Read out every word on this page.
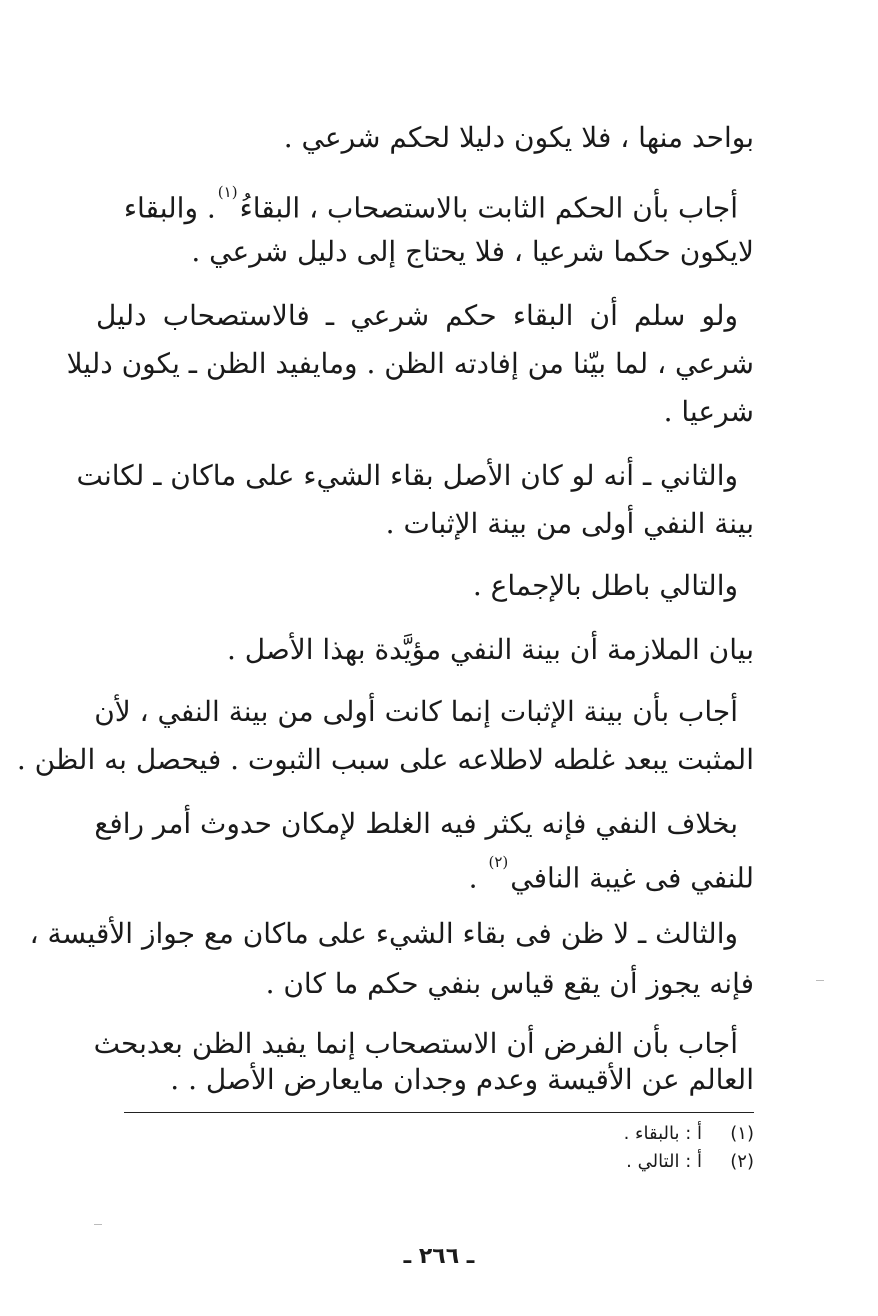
بواحد منها ، فلا يكون دليلا لحكم شرعي .
أجاب بأن الحكم الثابت بالاستصحاب ، البقاءُ$^{(١)}$. والبقاء
لايكون حكما شرعيا ، فلا يحتاج إلى دليل شرعي .
ولو سلم أن البقاء حكم شرعي ـ فالاستصحاب دليل
شرعي ، لما بيّنا من إفادته الظن . ومايفيد الظن ـ يكون دليلا
شرعيا .
والثاني ـ أنه لو كان الأصل بقاء الشيء على ماكان ـ لكانت
بينة النفي أولى من بينة الإثبات .
والتالي باطل بالإجماع .
بيان الملازمة أن بينة النفي مؤيَّدة بهذا الأصل .
أجاب بأن بينة الإثبات إنما كانت أولى من بينة النفي ، لأن
المثبت يبعد غلطه لاطلاعه على سبب الثبوت . فيحصل به الظن .
بخلاف النفي فإنه يكثر فيه الغلط لإمكان حدوث أمر رافع
للنفي فى غيبة النافي$^{(٢)}$ .
والثالث ـ لا ظن فى بقاء الشيء على ماكان مع جواز الأقيسة ،
فإنه يجوز أن يقع قياس بنفي حكم ما كان .
أجاب بأن الفرض أن الاستصحاب إنما يفيد الظن بعدبحث
العالم عن الأقيسة وعدم وجدان مايعارض الأصل . .
(١)أ : بالبقاء .
(٢)أ : التالي .
ـ ٢٦٦ ـ
